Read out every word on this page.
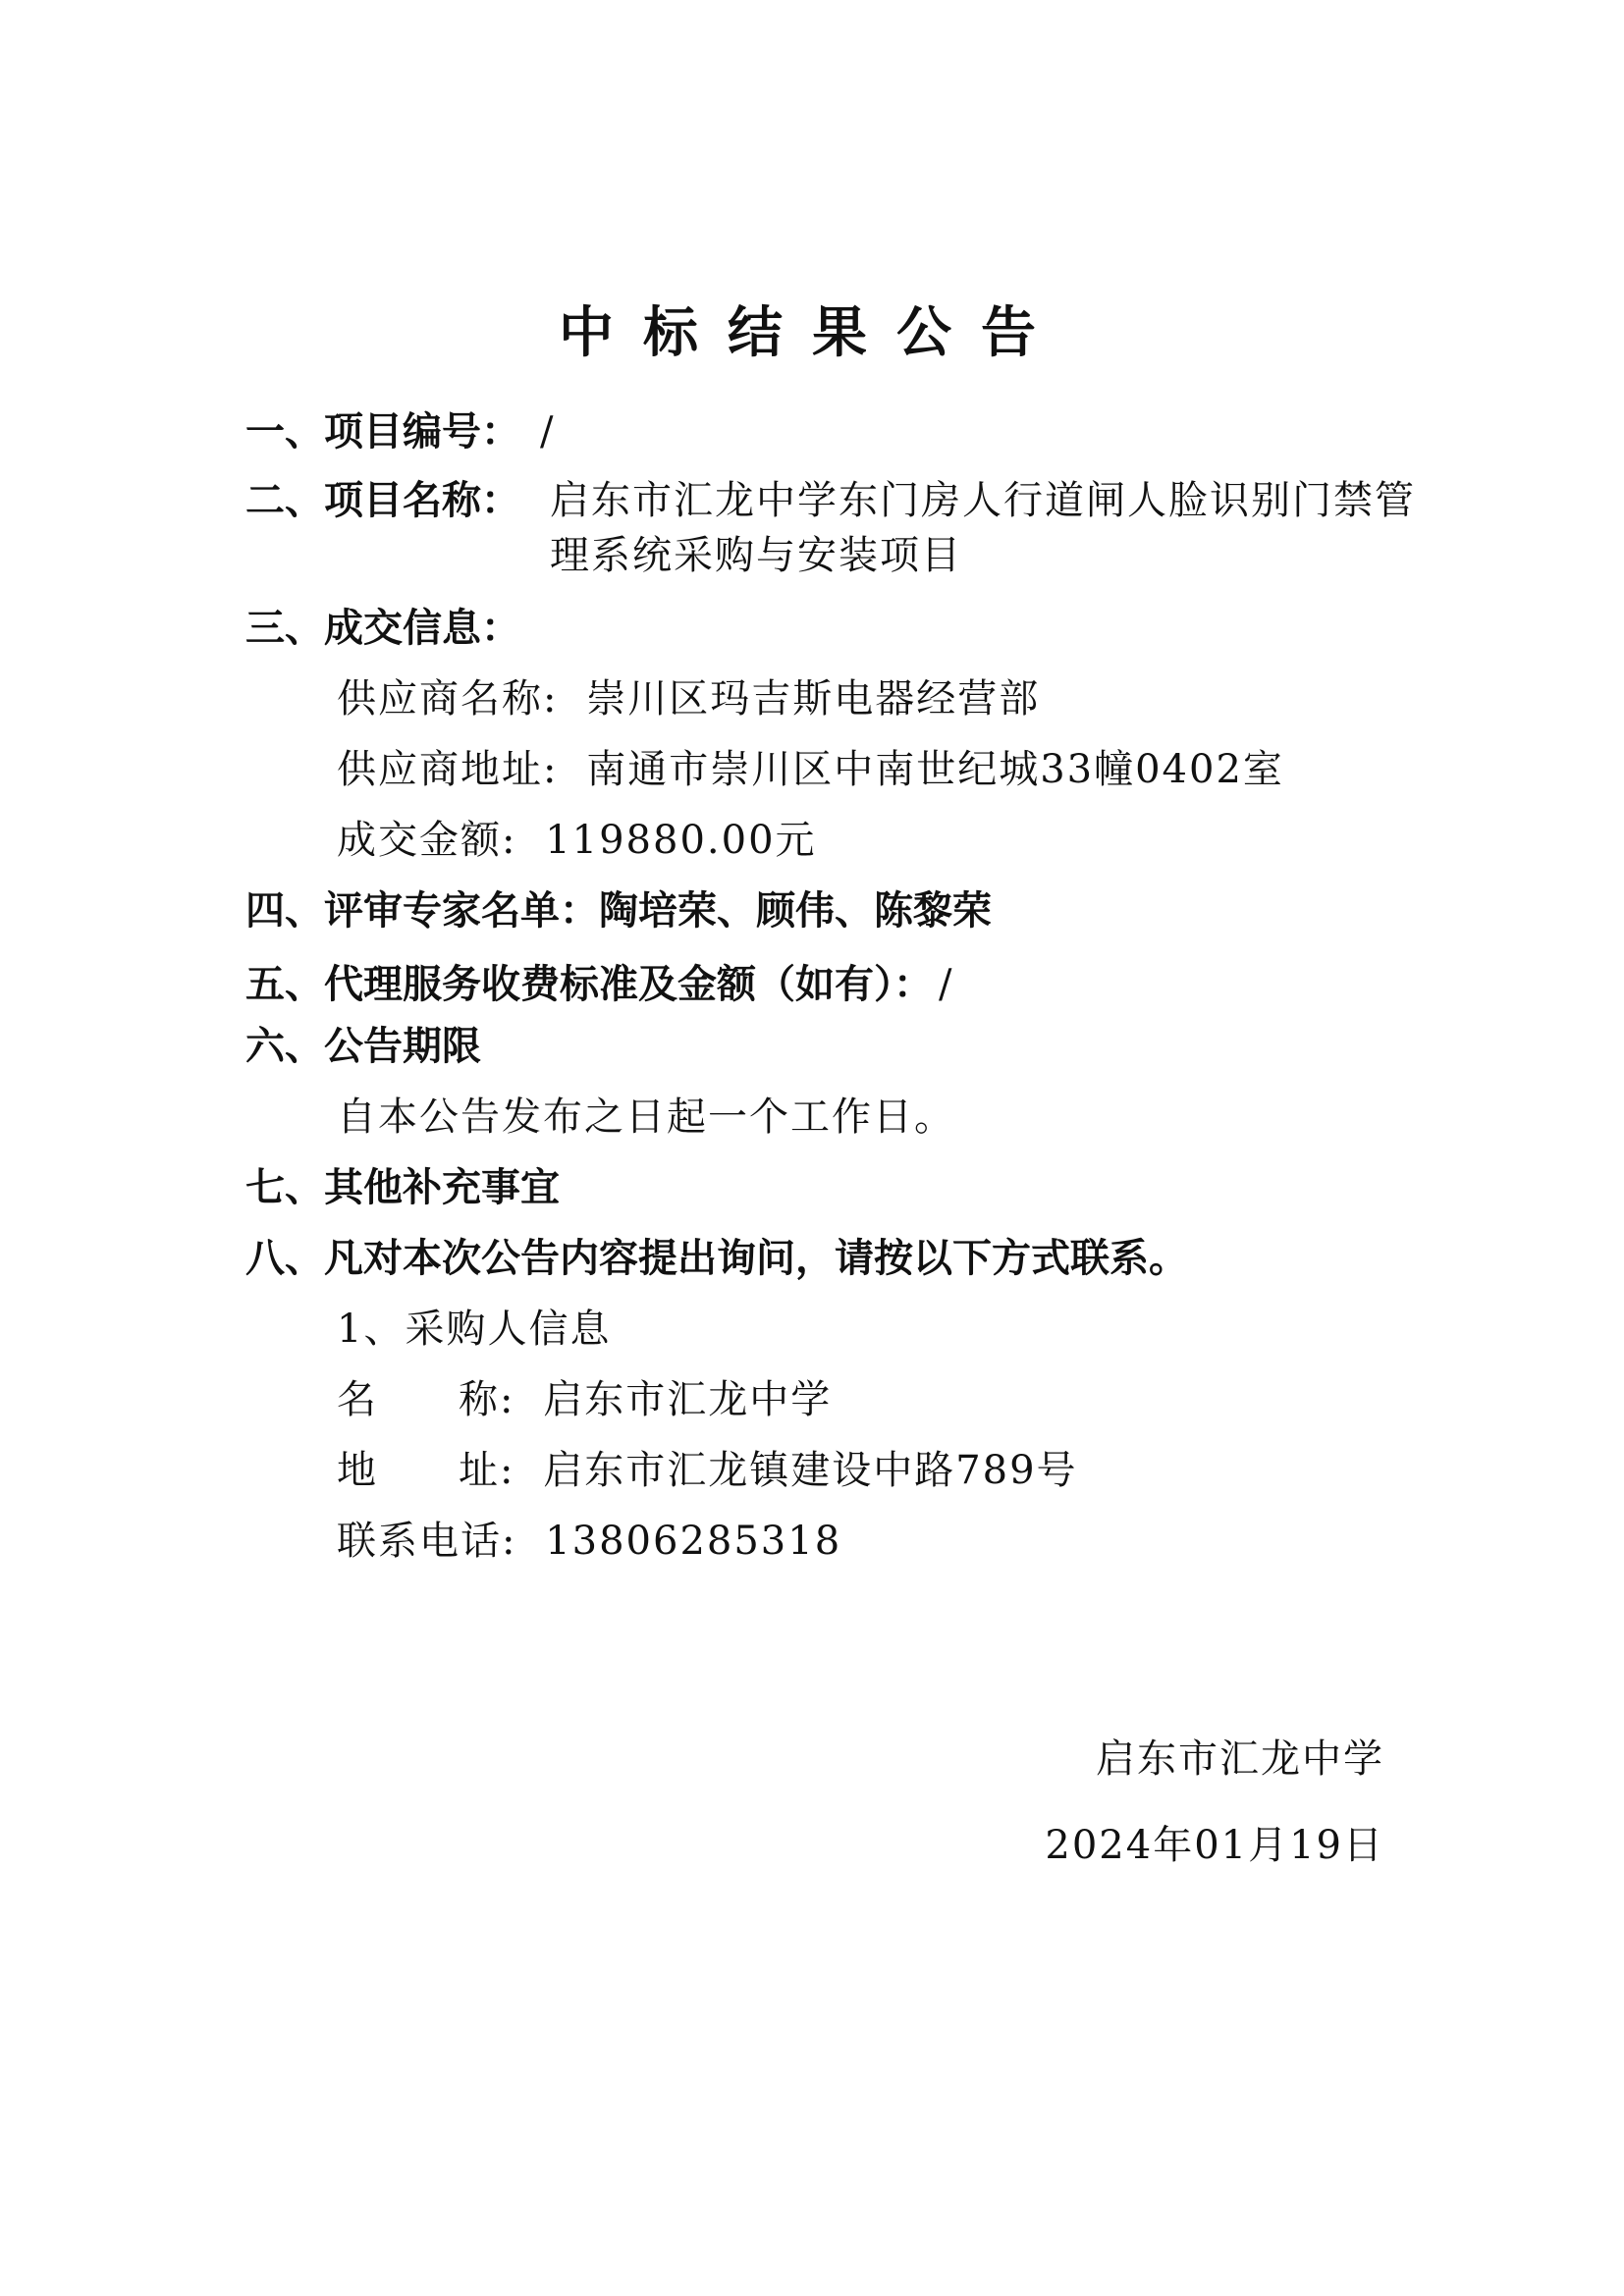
中标结果公告
一、项目编号： /
二、项目名称： 启东市汇龙中学东门房人行道闸人脸识别门禁管理系统采购与安装项目
三、成交信息：
供应商名称: 崇川区玛吉斯电器经营部
供应商地址: 南通市崇川区中南世纪城33幢0402室
成交金额: 119880.00元
四、评审专家名单：陶培荣、顾伟、陈黎荣
五、代理服务收费标准及金额（如有）： /
六、公告期限
自本公告发布之日起一个工作日。
七、其他补充事宜
八、凡对本次公告内容提出询问，请按以下方式联系。
1、采购人信息
名 称: 启东市汇龙中学
地 址: 启东市汇龙镇建设中路789号
联系电话: 13806285318
启东市汇龙中学
2024年01月19日
